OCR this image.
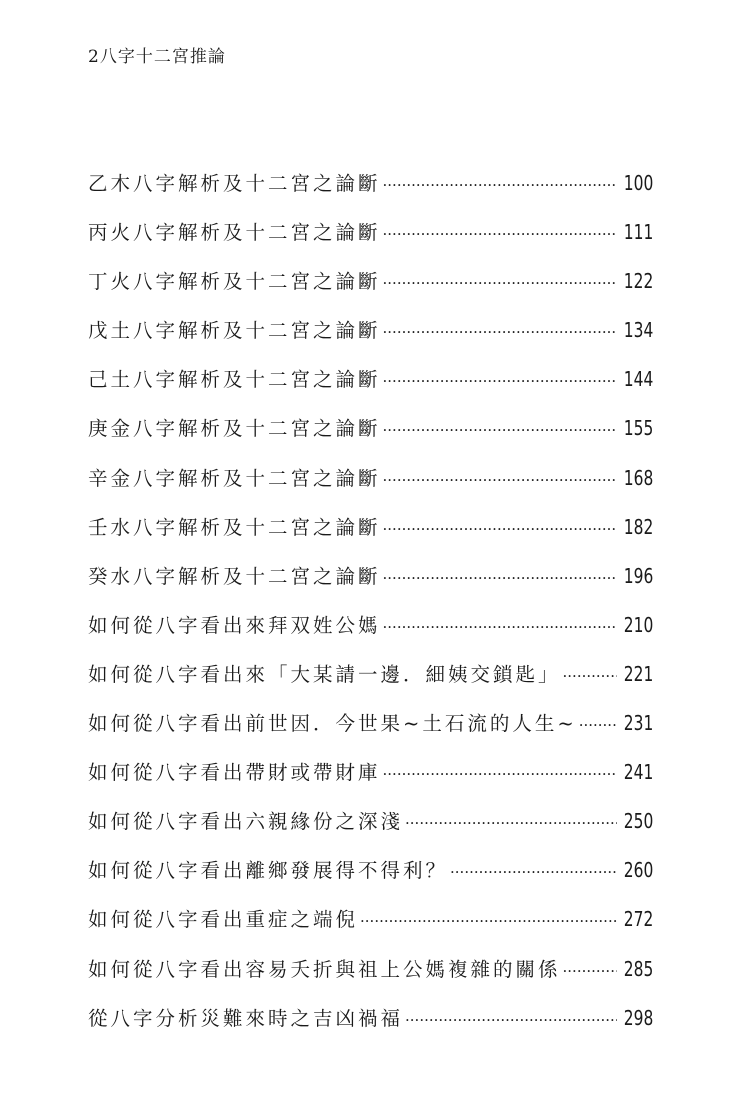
2八字十二宮推論
乙木八字解析及十二宮之論斷 ·····	100
丙火八字解析及十二宮之論斷 ·····	111
丁火八字解析及十二宮之論斷 ·····	122
戊土八字解析及十二宮之論斷 ·····	134
己土八字解析及十二宮之論斷 ·····	144
庚金八字解析及十二宮之論斷 ·····	155
辛金八字解析及十二宮之論斷 ·····	168
壬水八字解析及十二宮之論斷 ·····	182
癸水八字解析及十二宮之論斷 ·····	196
如何從八字看出來拜双姓公媽 ·····	210
如何從八字看出來「大某請一邊．細姨交鎖匙」 ·····	221
如何從八字看出前世因．今世果~土石流的人生~ ····· 231
如何從八字看出帶財或帶財庫 ·····	241
如何從八字看出六親緣份之深淺 ·····	250
如何從八字看出離鄉發展得不得利？ ·····	260
如何從八字看出重症之端倪 ·····	272
如何從八字看出容易夭折與祖上公媽複雜的關係 ·····	285
從八字分析災難來時之吉凶禍福 ·····	298
